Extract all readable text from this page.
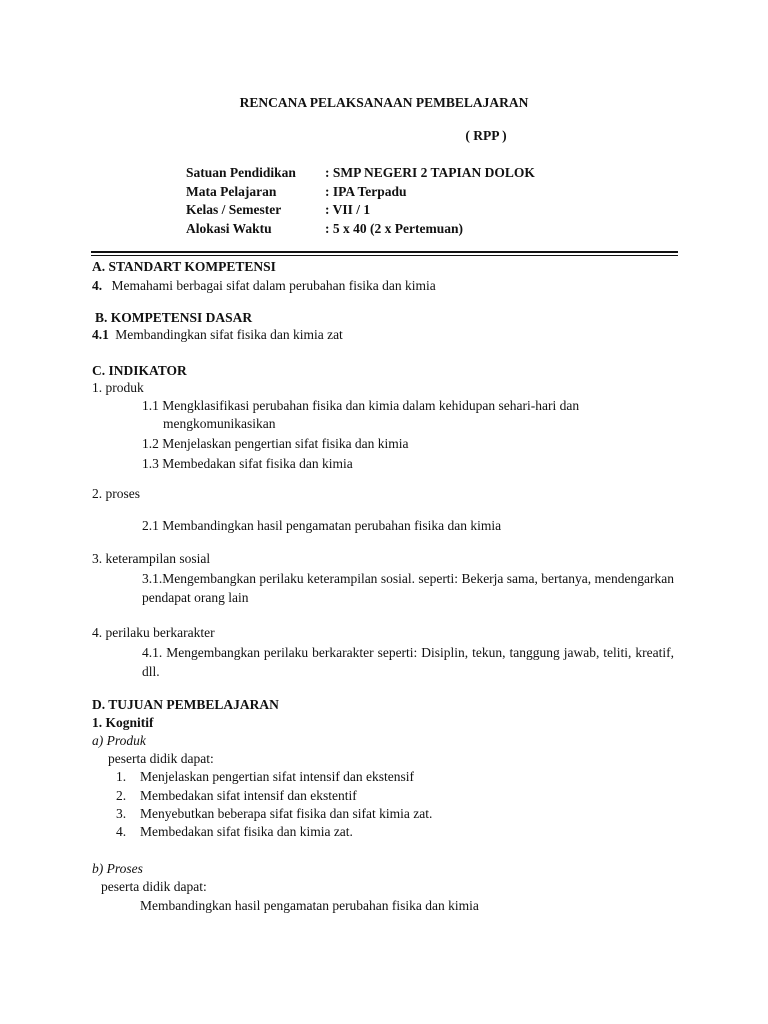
RENCANA PELAKSANAAN PEMBELAJARAN
( RPP )
Satuan Pendidikan	: SMP NEGERI 2 TAPIAN DOLOK
Mata Pelajaran	: IPA Terpadu
Kelas / Semester	: VII / 1
Alokasi Waktu	: 5 x 40 (2 x Pertemuan)
A. STANDART KOMPETENSI
4. Memahami berbagai sifat dalam perubahan fisika dan kimia
B. KOMPETENSI DASAR
4.1 Membandingkan sifat fisika dan kimia zat
C. INDIKATOR
1. produk
1.1 Mengklasifikasi perubahan fisika dan kimia dalam kehidupan sehari-hari dan
mengkomunikasikan
1.2 Menjelaskan pengertian sifat fisika dan kimia
1.3 Membedakan sifat fisika dan kimia
2. proses
2.1 Membandingkan hasil pengamatan perubahan fisika dan kimia
3. keterampilan sosial
3.1.Mengembangkan perilaku keterampilan sosial. seperti: Bekerja sama, bertanya, mendengarkan pendapat orang lain
4. perilaku berkarakter
4.1. Mengembangkan perilaku berkarakter seperti: Disiplin, tekun, tanggung jawab, teliti, kreatif, dll.
D. TUJUAN PEMBELAJARAN
1. Kognitif
a) Produk
peserta didik dapat:
1. Menjelaskan pengertian sifat intensif dan ekstensif
2. Membedakan sifat intensif dan ekstentif
3. Menyebutkan beberapa sifat fisika dan sifat kimia zat.
4. Membedakan sifat fisika dan kimia zat.
b) Proses
peserta didik dapat:
Membandingkan hasil pengamatan perubahan fisika dan kimia
